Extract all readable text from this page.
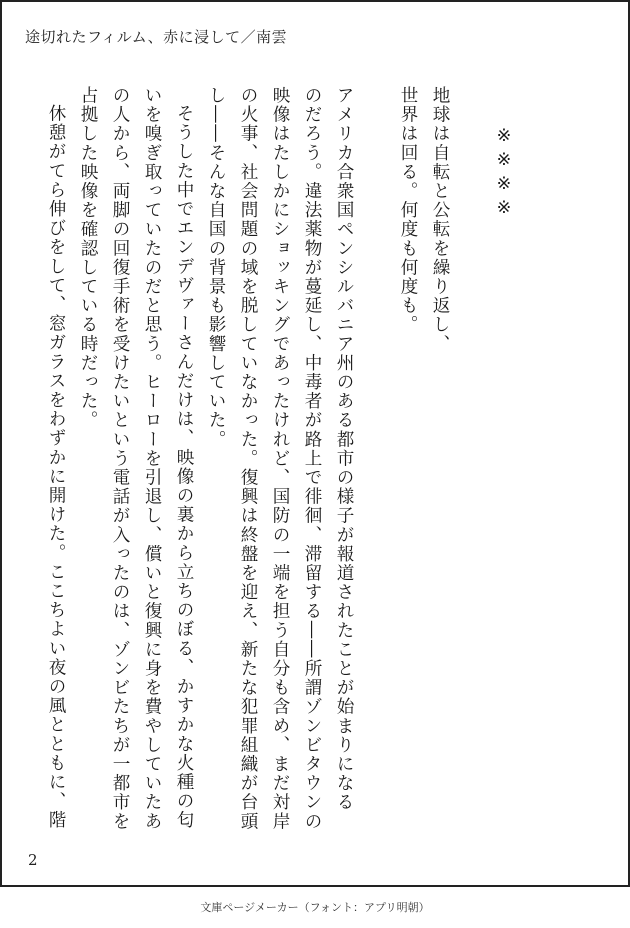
途切れたフィルム、赤に浸して／南雲

※※※※

地球は自転と公転を繰り返し、

世界は回る。何度も何度も。

アメリカ合衆国ペンシルバニア州のある都市の様子が報道されたことが始まりになる

のだろう。違法薬物が蔓延し、中毒者が路上で徘徊、滞留する――所謂ゾンビタウンの

映像はたしかにショッキングであったけれど、国防の一端を担う自分も含め、まだ対岸

の火事、社会問題の域を脱していなかった。復興は終盤を迎え、新たな犯罪組織が台頭

し――そんな自国の背景も影響していた。

そうした中でエンデヴァーさんだけは、映像の裏から立ちのぼる、かすかな火種の匂

いを嗅ぎ取っていたのだと思う。ヒーローを引退し、償いと復興に身を費やしていたあ

の人から、両脚の回復手術を受けたいという電話が入ったのは、ゾンビたちが一都市を

占拠した映像を確認している時だった。

休憩がてら伸びをして、窓ガラスをわずかに開けた。ここちよい夜の風とともに、階

2
文庫ページメーカー（フォント：アプリ明朝）
